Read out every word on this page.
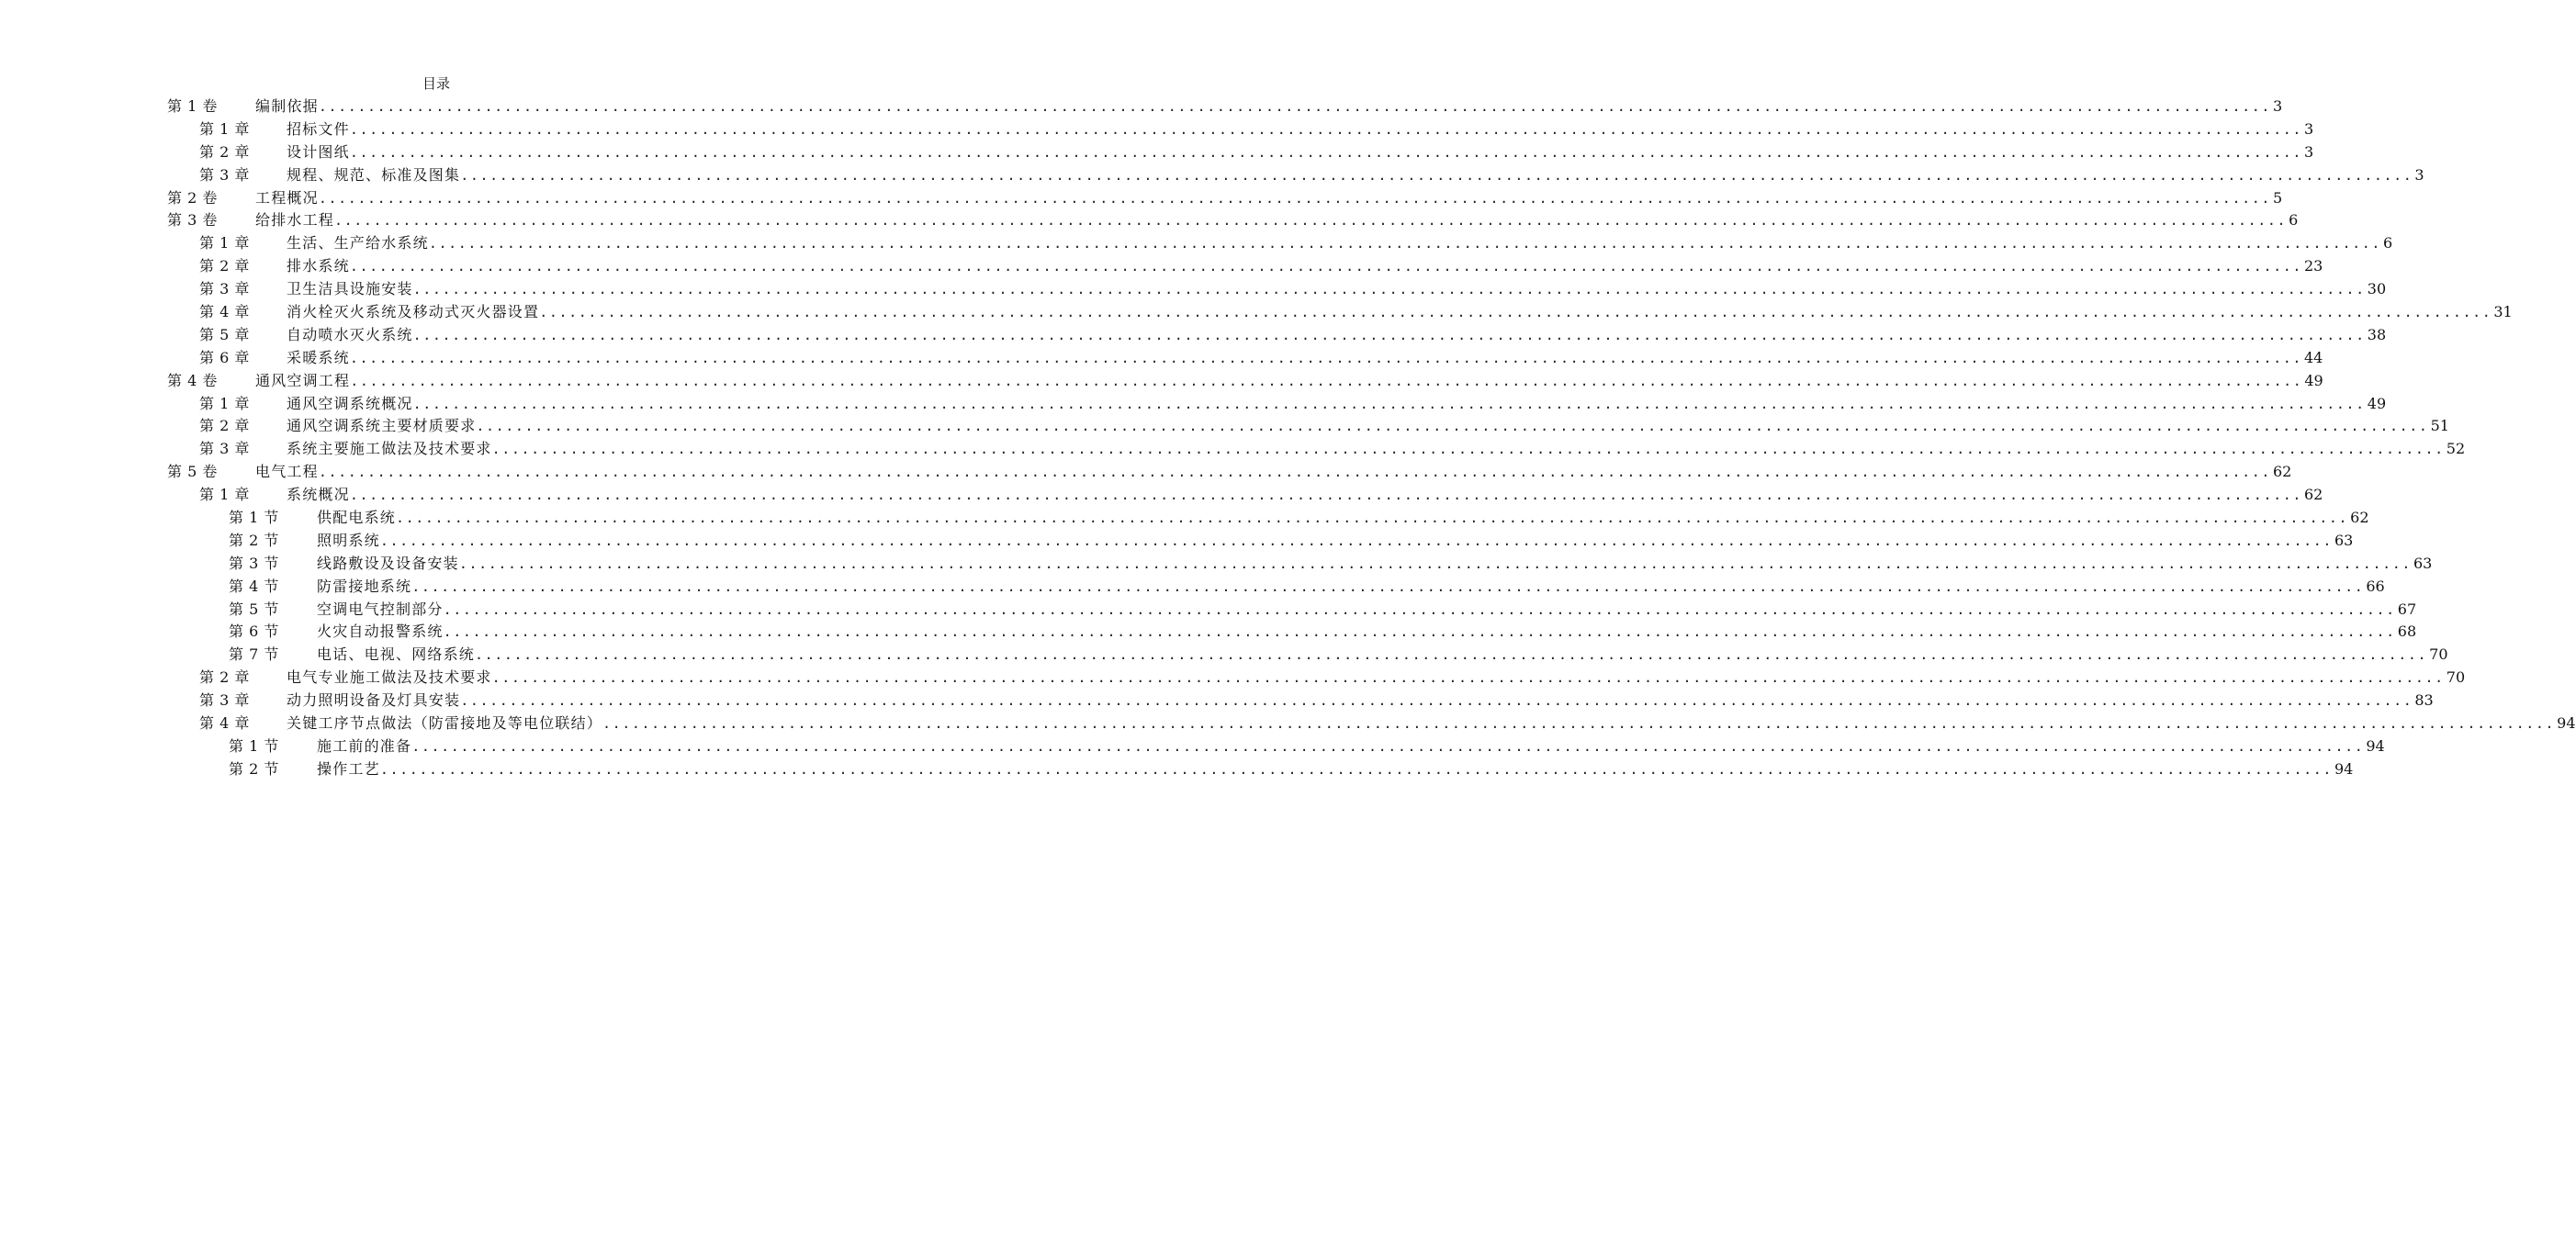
目录
第 1 卷	编制依据 ........................................................................................................................................................................................................ 3
第 1 章	招标文件 ........................................................................................................................................................................................................ 3
第 2 章	设计图纸 ........................................................................................................................................................................................................ 3
第 3 章	规程、规范、标准及图集 ........................................................................................................................................................................................................ 3
第 2 卷	工程概况 ........................................................................................................................................................................................................ 5
第 3 卷	给排水工程 ........................................................................................................................................................................................................ 6
第 1 章	生活、生产给水系统 ........................................................................................................................................................................................................ 6
第 2 章	排水系统 ........................................................................................................................................................................................................ 23
第 3 章	卫生洁具设施安装 ........................................................................................................................................................................................................ 30
第 4 章	消火栓灭火系统及移动式灭火器设置 ........................................................................................................................................................................................................ 31
第 5 章	自动喷水灭火系统 ........................................................................................................................................................................................................ 38
第 6 章	采暖系统 ........................................................................................................................................................................................................ 44
第 4 卷	通风空调工程 ........................................................................................................................................................................................................ 49
第 1 章	通风空调系统概况 ........................................................................................................................................................................................................ 49
第 2 章	通风空调系统主要材质要求 ........................................................................................................................................................................................................ 51
第 3 章	系统主要施工做法及技术要求 ........................................................................................................................................................................................................ 52
第 5 卷	电气工程 ........................................................................................................................................................................................................ 62
第 1 章	系统概况 ........................................................................................................................................................................................................ 62
第 1 节	供配电系统 ........................................................................................................................................................................................................ 62
第 2 节	照明系统 ........................................................................................................................................................................................................ 63
第 3 节	线路敷设及设备安装 ........................................................................................................................................................................................................ 63
第 4 节	防雷接地系统 ........................................................................................................................................................................................................ 66
第 5 节	空调电气控制部分 ........................................................................................................................................................................................................ 67
第 6 节	火灾自动报警系统 ........................................................................................................................................................................................................ 68
第 7 节	电话、电视、网络系统 ........................................................................................................................................................................................................ 70
第 2 章	电气专业施工做法及技术要求 ........................................................................................................................................................................................................ 70
第 3 章	动力照明设备及灯具安装 ........................................................................................................................................................................................................ 83
第 4 章	关键工序节点做法（防雷接地及等电位联结） ........................................................................................................................................................................................................ 94
第 1 节	施工前的准备 ........................................................................................................................................................................................................ 94
第 2 节	操作工艺 ........................................................................................................................................................................................................ 94
